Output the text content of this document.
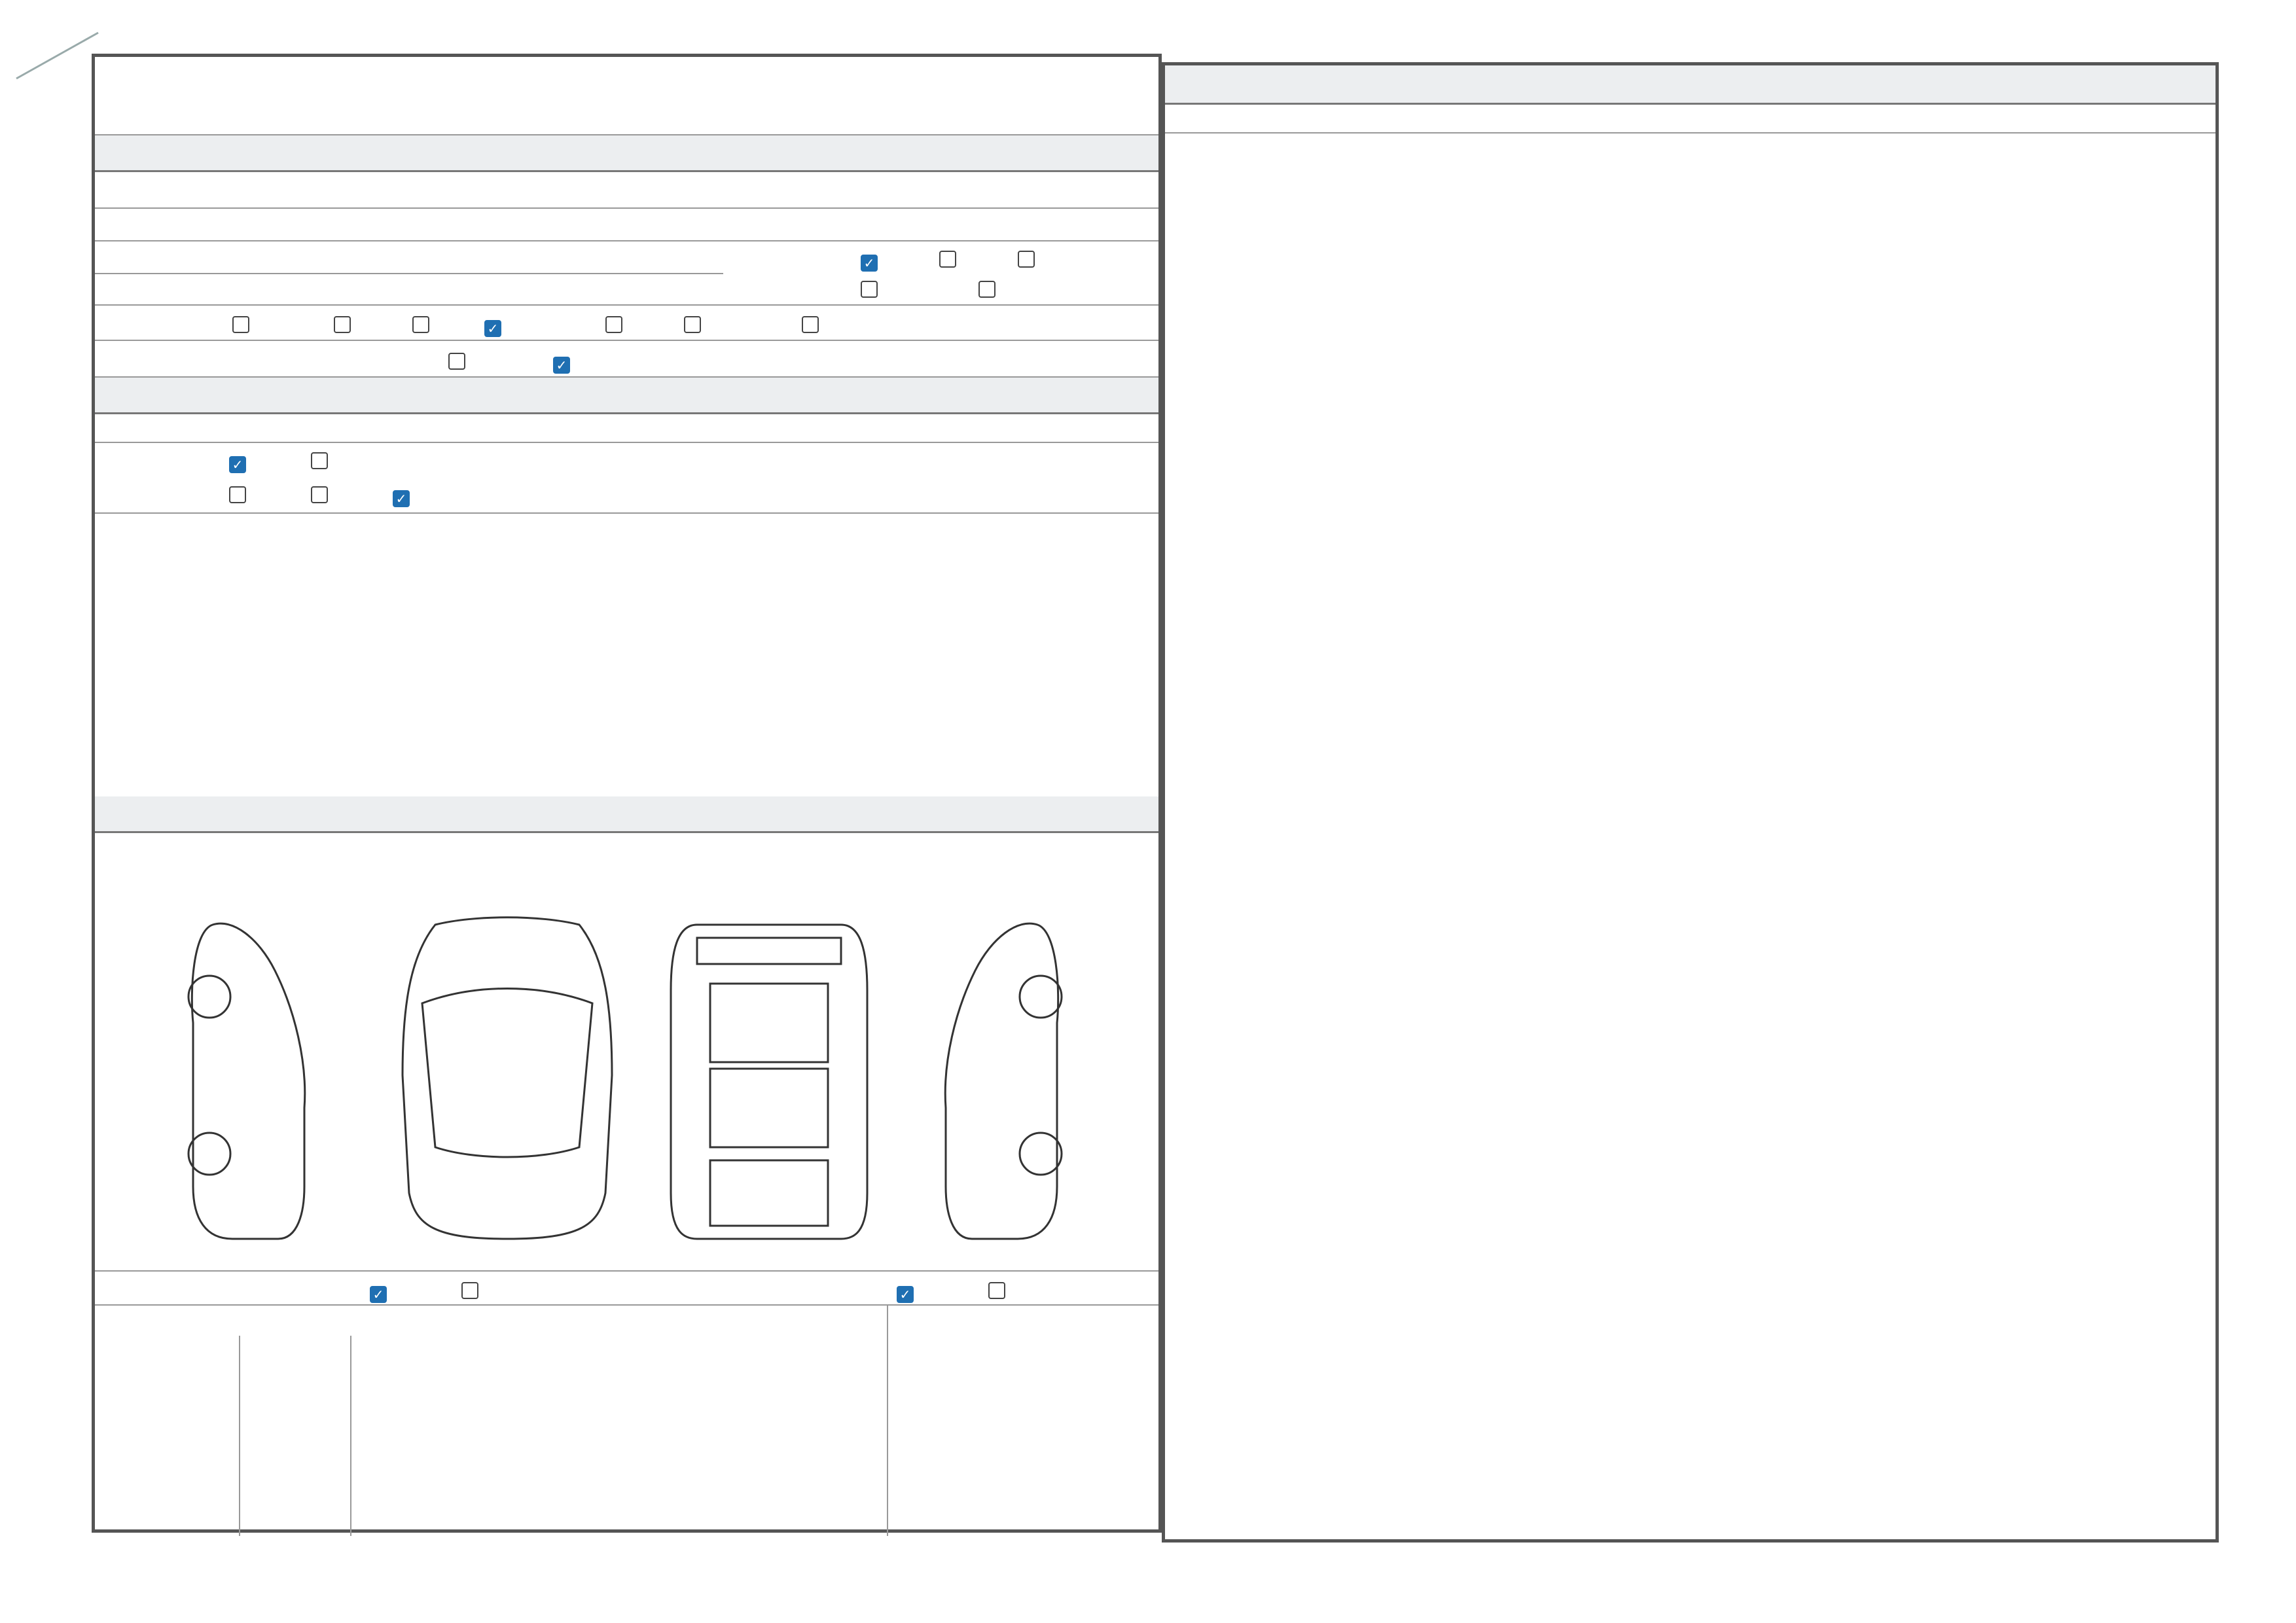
✓
✓
✓
✓
✓
✓	✓
